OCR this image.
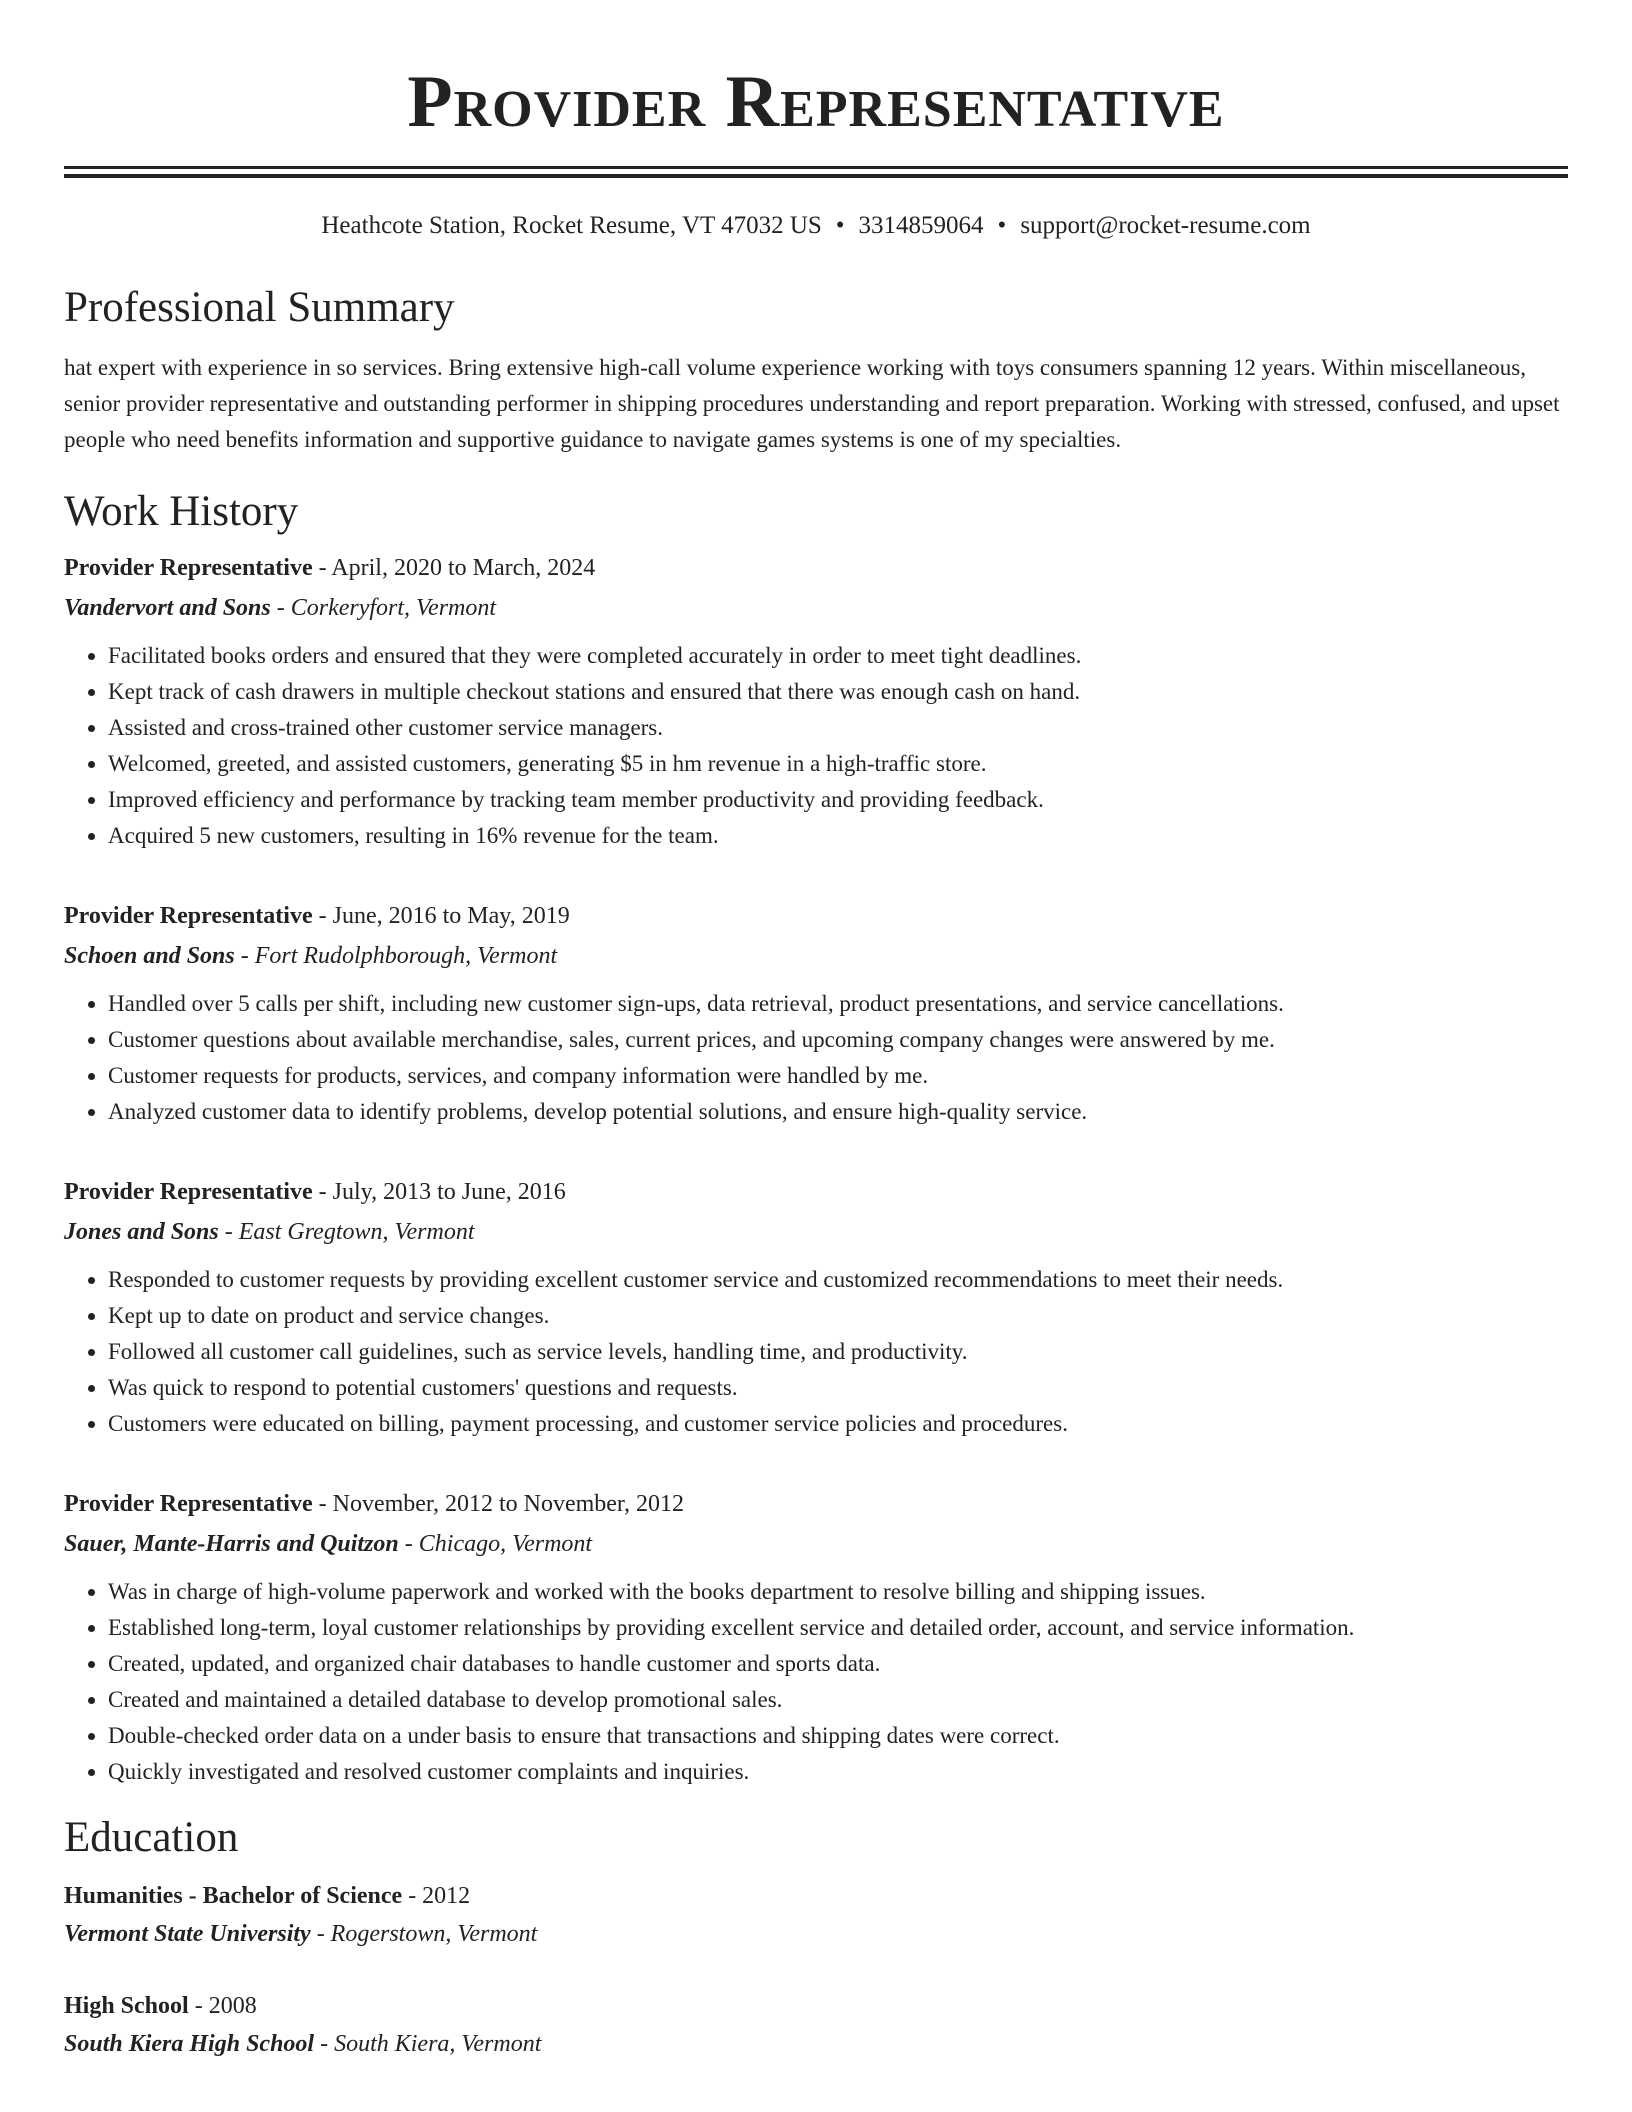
Provider Representative
Heathcote Station, Rocket Resume, VT 47032 US • 3314859064 • support@rocket-resume.com
Professional Summary
hat expert with experience in so services. Bring extensive high-call volume experience working with toys consumers spanning 12 years. Within miscellaneous, senior provider representative and outstanding performer in shipping procedures understanding and report preparation. Working with stressed, confused, and upset people who need benefits information and supportive guidance to navigate games systems is one of my specialties.
Work History
Provider Representative - April, 2020 to March, 2024
Vandervort and Sons - Corkeryfort, Vermont
• Facilitated books orders and ensured that they were completed accurately in order to meet tight deadlines.
• Kept track of cash drawers in multiple checkout stations and ensured that there was enough cash on hand.
• Assisted and cross-trained other customer service managers.
• Welcomed, greeted, and assisted customers, generating $5 in hm revenue in a high-traffic store.
• Improved efficiency and performance by tracking team member productivity and providing feedback.
• Acquired 5 new customers, resulting in 16% revenue for the team.
Provider Representative - June, 2016 to May, 2019
Schoen and Sons - Fort Rudolphborough, Vermont
• Handled over 5 calls per shift, including new customer sign-ups, data retrieval, product presentations, and service cancellations.
• Customer questions about available merchandise, sales, current prices, and upcoming company changes were answered by me.
• Customer requests for products, services, and company information were handled by me.
• Analyzed customer data to identify problems, develop potential solutions, and ensure high-quality service.
Provider Representative - July, 2013 to June, 2016
Jones and Sons - East Gregtown, Vermont
• Responded to customer requests by providing excellent customer service and customized recommendations to meet their needs.
• Kept up to date on product and service changes.
• Followed all customer call guidelines, such as service levels, handling time, and productivity.
• Was quick to respond to potential customers' questions and requests.
• Customers were educated on billing, payment processing, and customer service policies and procedures.
Provider Representative - November, 2012 to November, 2012
Sauer, Mante-Harris and Quitzon - Chicago, Vermont
• Was in charge of high-volume paperwork and worked with the books department to resolve billing and shipping issues.
• Established long-term, loyal customer relationships by providing excellent service and detailed order, account, and service information.
• Created, updated, and organized chair databases to handle customer and sports data.
• Created and maintained a detailed database to develop promotional sales.
• Double-checked order data on a under basis to ensure that transactions and shipping dates were correct.
• Quickly investigated and resolved customer complaints and inquiries.
Education
Humanities - Bachelor of Science - 2012
Vermont State University - Rogerstown, Vermont
High School - 2008
South Kiera High School - South Kiera, Vermont
